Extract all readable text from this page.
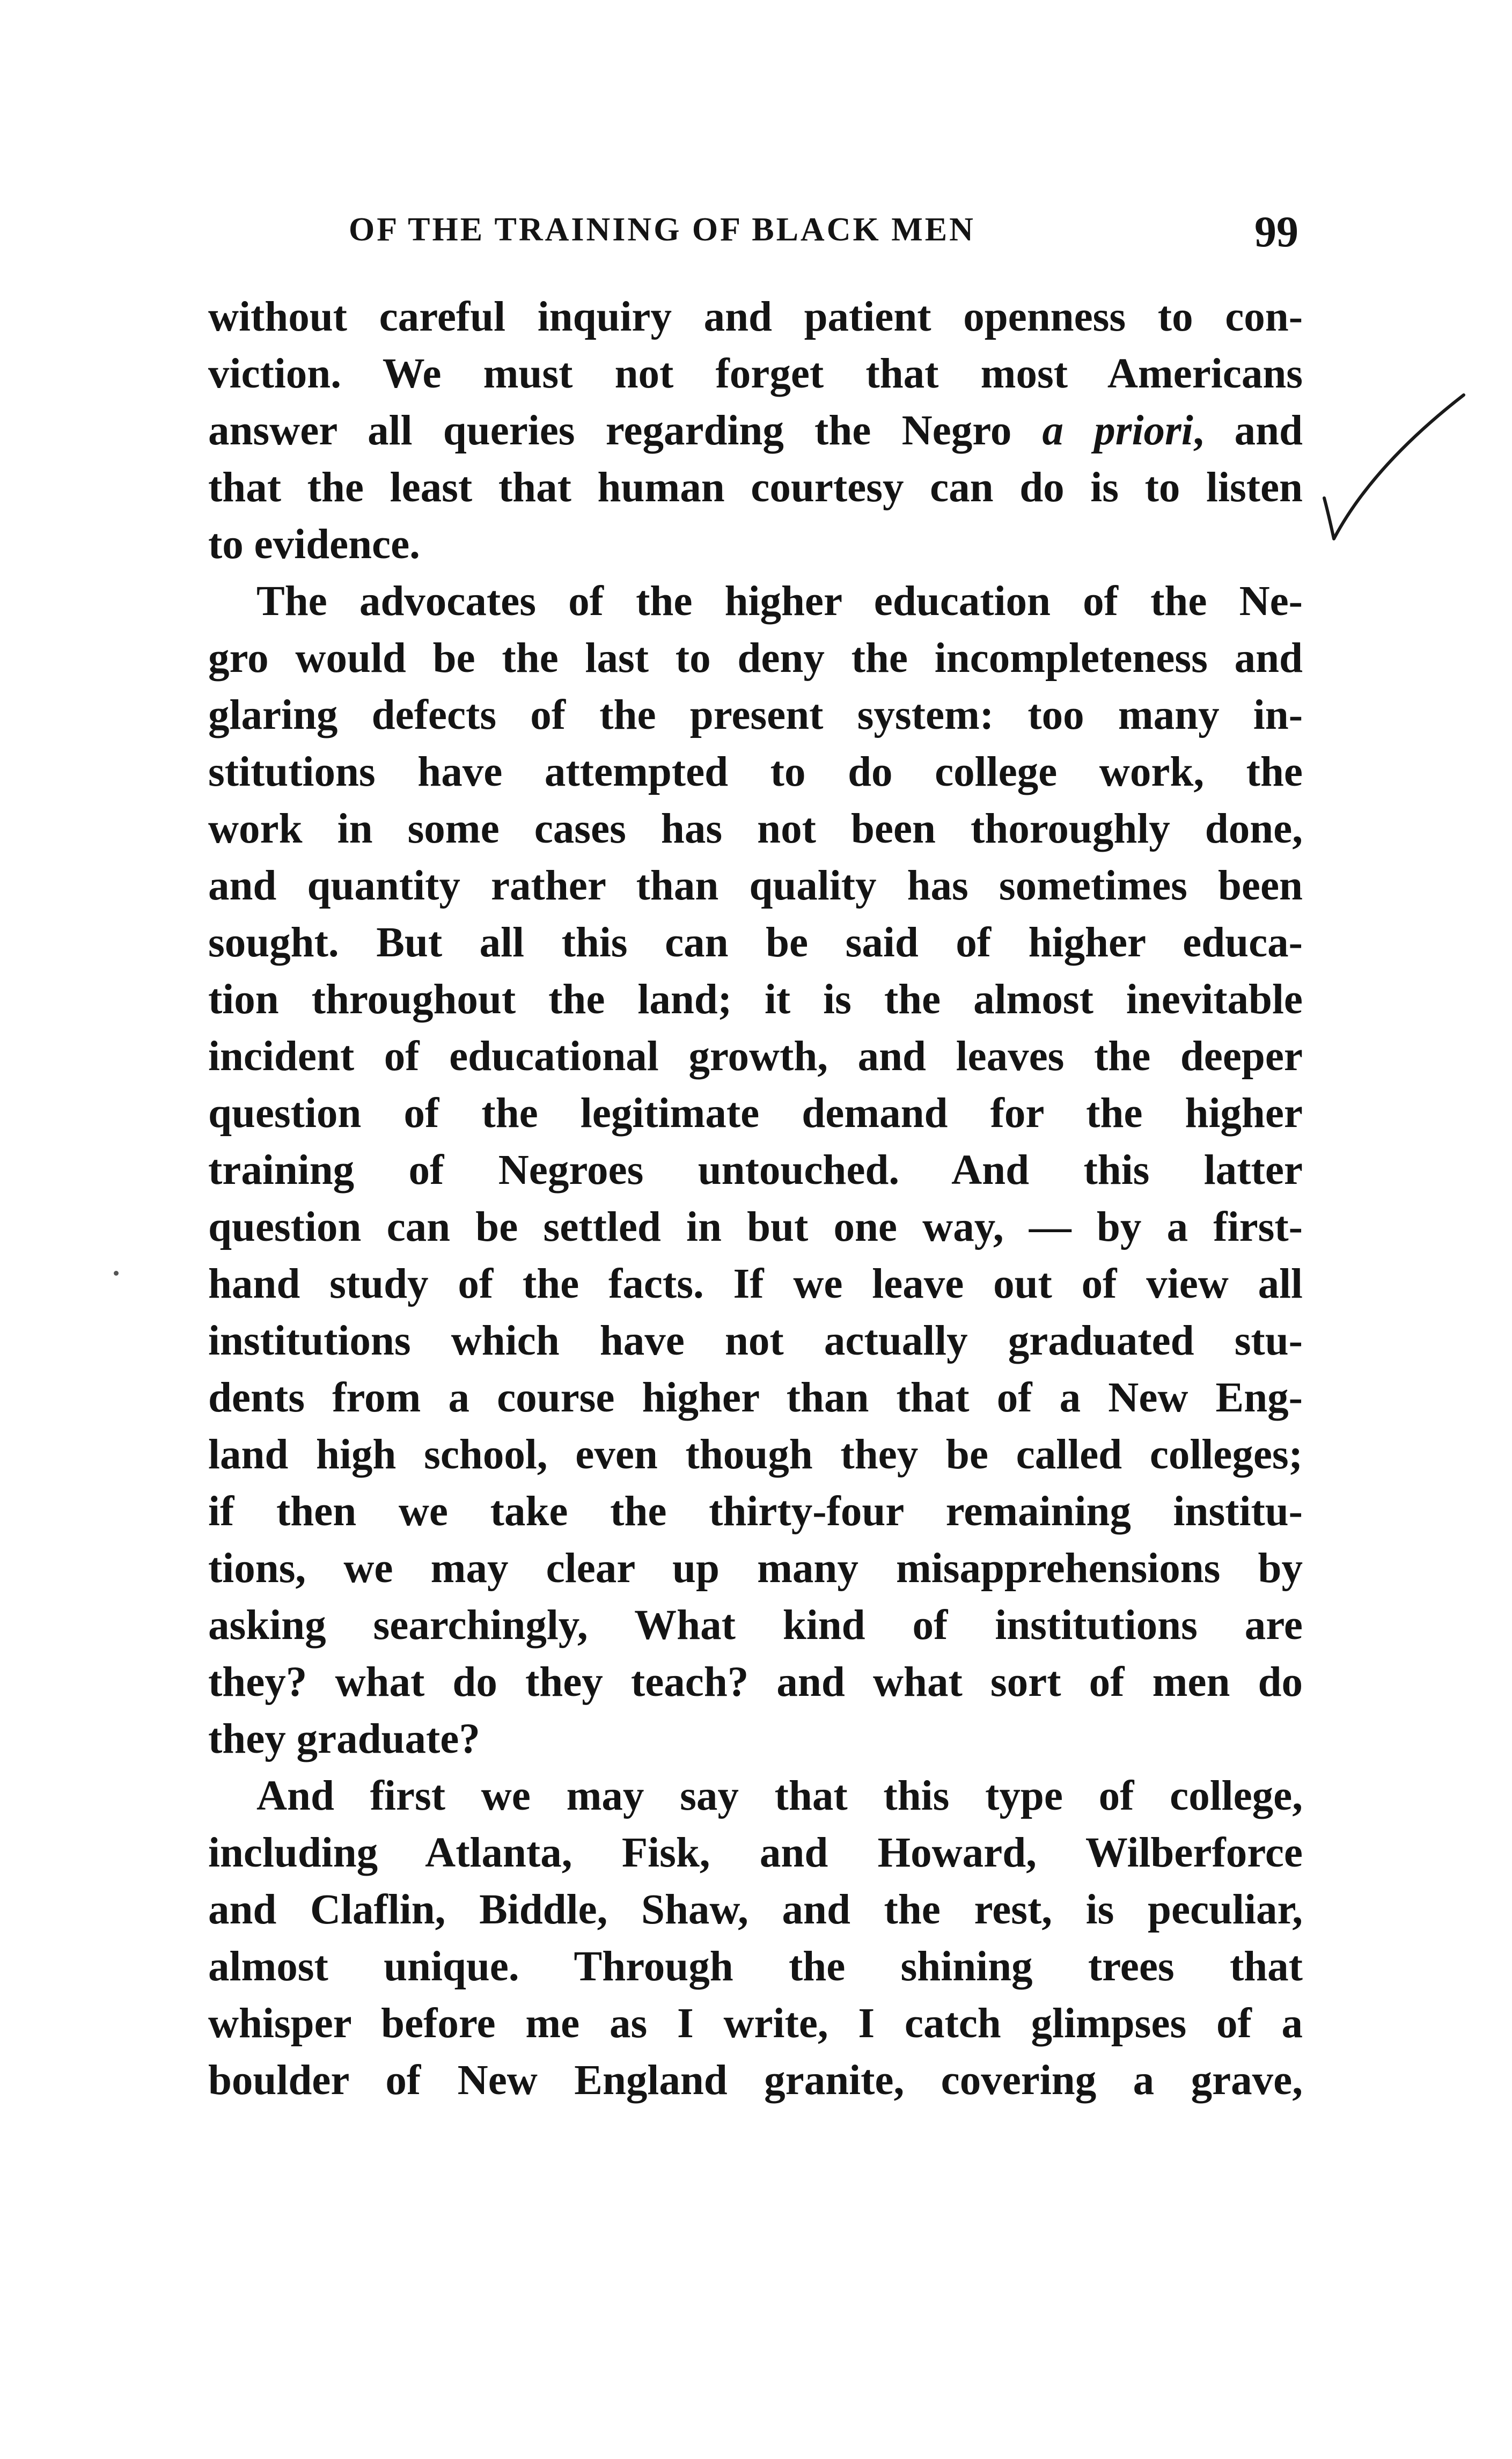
OF THE TRAINING OF BLACK MEN	99
without careful inquiry and patient openness to con-
viction. We must not forget that most Americans
answer all queries regarding the Negro a priori, and
that the least that human courtesy can do is to listen
to evidence.
The advocates of the higher education of the Ne-
gro would be the last to deny the incompleteness and
glaring defects of the present system: too many in-
stitutions have attempted to do college work, the
work in some cases has not been thoroughly done,
and quantity rather than quality has sometimes been
sought. But all this can be said of higher educa-
tion throughout the land; it is the almost inevitable
incident of educational growth, and leaves the deeper
question of the legitimate demand for the higher
training of Negroes untouched. And this latter
question can be settled in but one way, — by a first-
hand study of the facts. If we leave out of view all
institutions which have not actually graduated stu-
dents from a course higher than that of a New Eng-
land high school, even though they be called colleges;
if then we take the thirty-four remaining institu-
tions, we may clear up many misapprehensions by
asking searchingly, What kind of institutions are
they? what do they teach? and what sort of men do
they graduate?
And first we may say that this type of college,
including Atlanta, Fisk, and Howard, Wilberforce
and Claflin, Biddle, Shaw, and the rest, is peculiar,
almost unique. Through the shining trees that
whisper before me as I write, I catch glimpses of a
boulder of New England granite, covering a grave,
